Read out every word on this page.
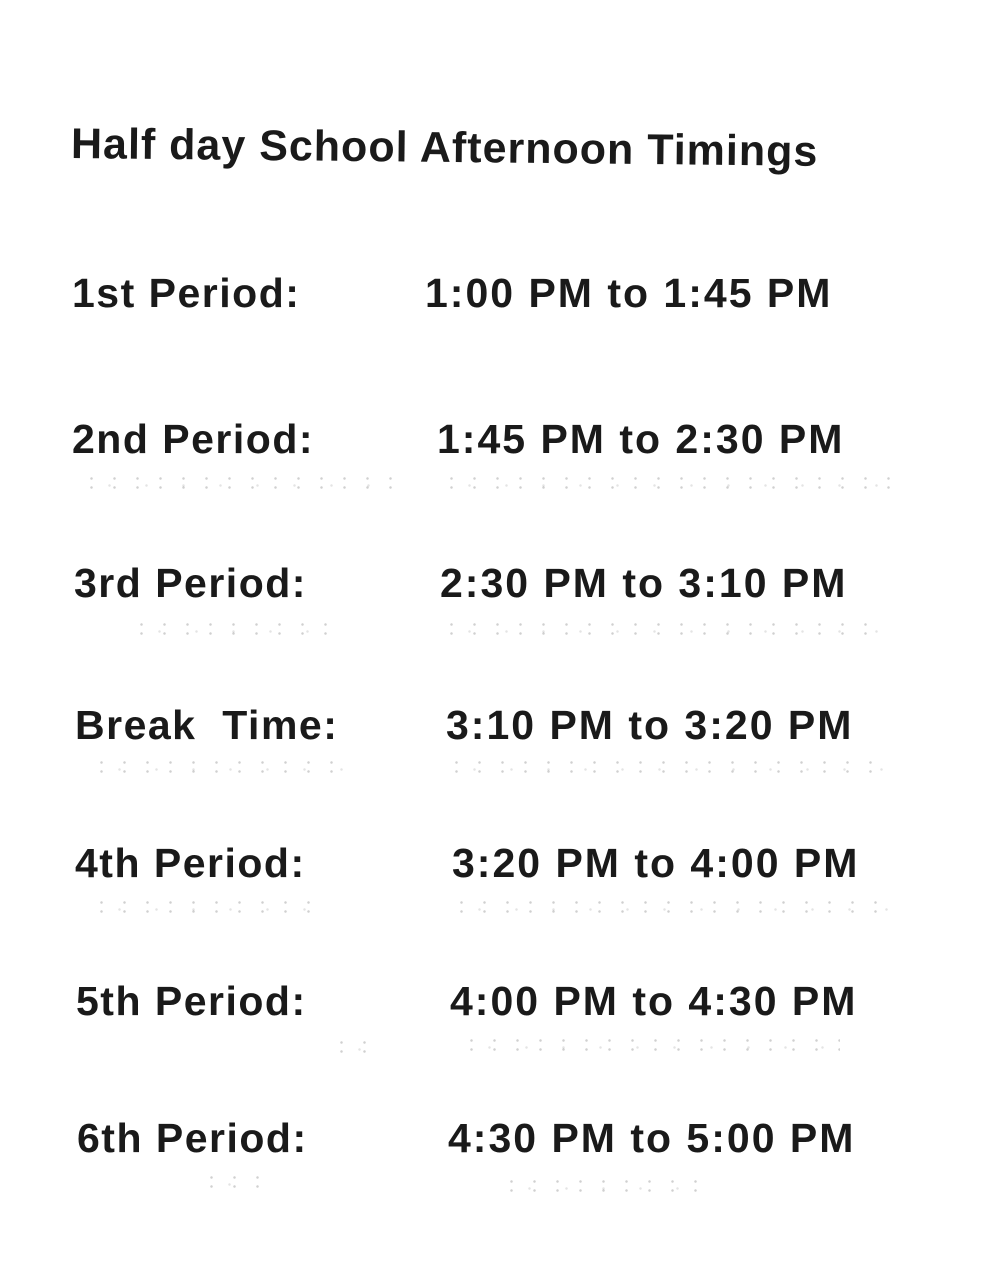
Half day School Afternoon Timings
1st Period:	1:00 PM to 1:45 PM
2nd Period:	1:45 PM to 2:30 PM
3rd Period:	2:30 PM to 3:10 PM
Break  Time:	3:10 PM to 3:20 PM
4th Period:	3:20 PM to 4:00 PM
5th Period:	4:00 PM to 4:30 PM
6th Period:	4:30 PM to 5:00 PM
